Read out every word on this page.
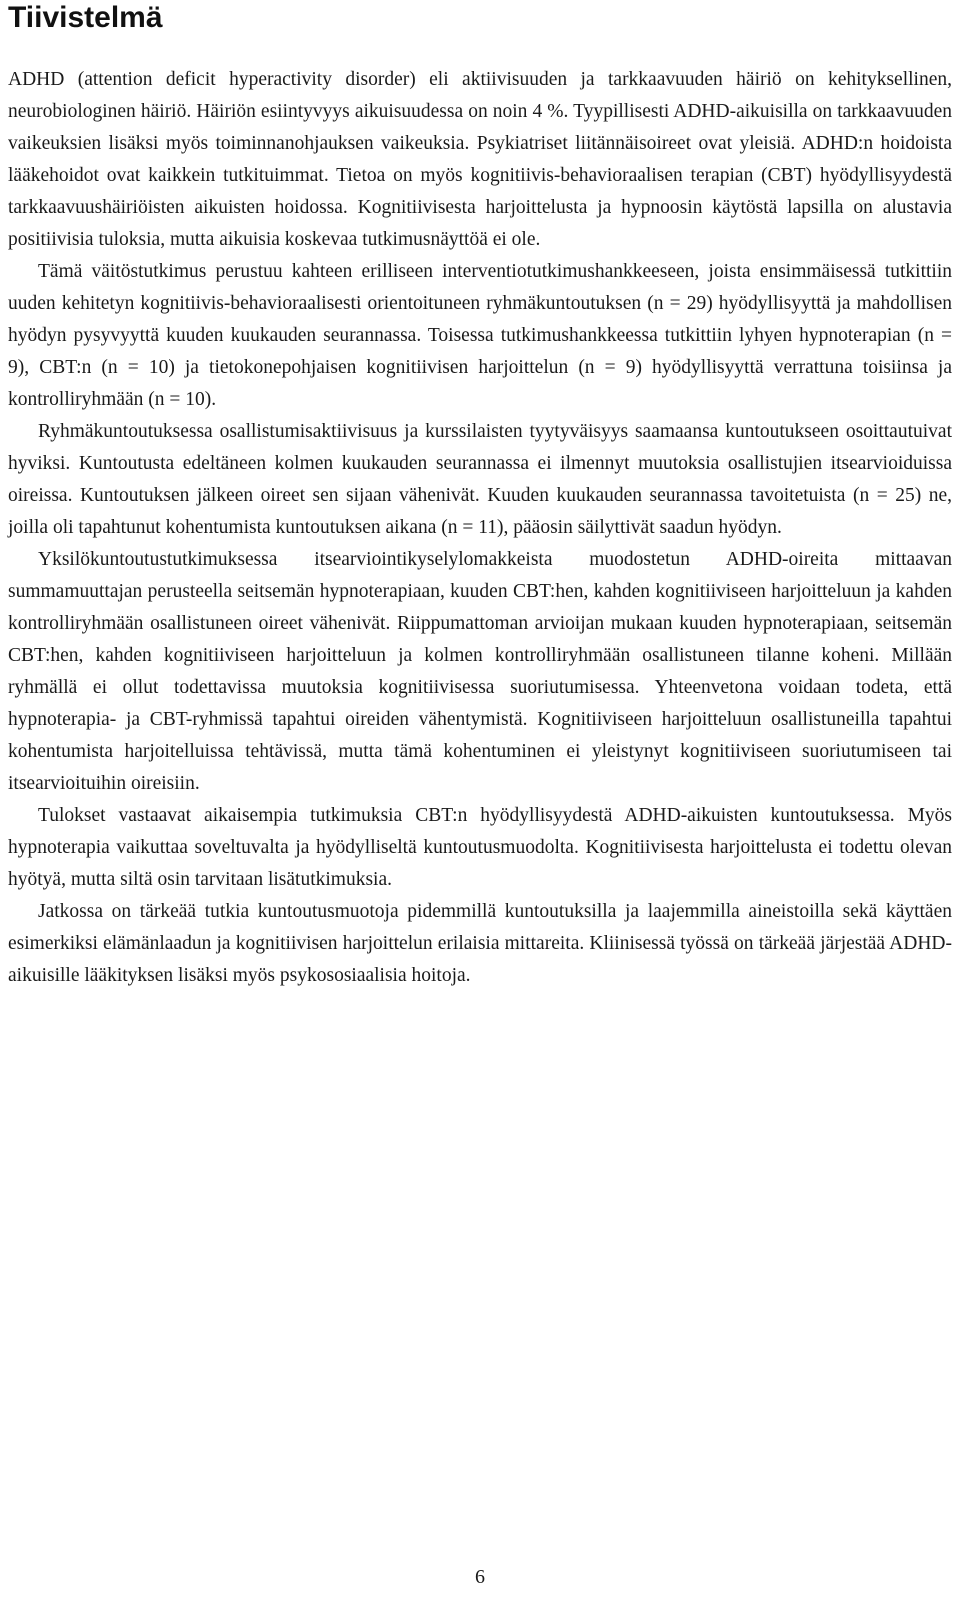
Tiivistelmä

ADHD (attention deficit hyperactivity disorder) eli aktiivisuuden ja tarkkaavuuden häiriö on kehityksellinen, neurobiologinen häiriö. Häiriön esiintyvyys aikuisuudessa on noin 4 %. Tyypillisesti ADHD-aikuisilla on tarkkaavuuden vaikeuksien lisäksi myös toiminnanohjauksen vaikeuksia. Psykiatriset liitännäisoireet ovat yleisiä. ADHD:n hoidoista lääkehoidot ovat kaikkein tutkituimmat. Tietoa on myös kognitiivis-behavioraalisen terapian (CBT) hyödyllisyydestä tarkkaavuushäiriöisten aikuisten hoidossa. Kognitiivisesta harjoittelusta ja hypnoosin käytöstä lapsilla on alustavia positiivisia tuloksia, mutta aikuisia koskevaa tutkimusnäyttöä ei ole.

Tämä väitöstutkimus perustuu kahteen erilliseen interventiotutkimushankkeeseen, joista ensimmäisessä tutkittiin uuden kehitetyn kognitiivis-behavioraalisesti orientoituneen ryhmäkuntoutuksen (n = 29) hyödyllisyyttä ja mahdollisen hyödyn pysyvyyttä kuuden kuukauden seurannassa. Toisessa tutkimushankkeessa tutkittiin lyhyen hypnoterapian (n = 9), CBT:n (n = 10) ja tietokonepohjaisen kognitiivisen harjoittelun (n = 9) hyödyllisyyttä verrattuna toisiinsa ja kontrolliryhmään (n = 10).

Ryhmäkuntoutuksessa osallistumisaktiivisuus ja kurssilaisten tyytyväisyys saamaansa kuntoutukseen osoittautuivat hyviksi. Kuntoutusta edeltäneen kolmen kuukauden seurannassa ei ilmennyt muutoksia osallistujien itsearvioiduissa oireissa. Kuntoutuksen jälkeen oireet sen sijaan vähenivät. Kuuden kuukauden seurannassa tavoitetuista (n = 25) ne, joilla oli tapahtunut kohentumista kuntoutuksen aikana (n = 11), pääosin säilyttivät saadun hyödyn.

Yksilökuntoutustutkimuksessa itsearviointikyselylomakkeista muodostetun ADHD-oireita mittaavan summamuuttajan perusteella seitsemän hypnoterapiaan, kuuden CBT:hen, kahden kognitiiviseen harjoitteluun ja kahden kontrolliryhmään osallistuneen oireet vähenivät. Riippumattoman arvioijan mukaan kuuden hypnoterapiaan, seitsemän CBT:hen, kahden kognitiiviseen harjoitteluun ja kolmen kontrolliryhmään osallistuneen tilanne koheni. Millään ryhmällä ei ollut todettavissa muutoksia kognitiivisessa suoriutumisessa. Yhteenvetona voidaan todeta, että hypnoterapia- ja CBT-ryhmissä tapahtui oireiden vähentymistä. Kognitiiviseen harjoitteluun osallistuneilla tapahtui kohentumista harjoitelluissa tehtävissä, mutta tämä kohentuminen ei yleistynyt kognitiiviseen suoriutumiseen tai itsearvioituihin oireisiin.

Tulokset vastaavat aikaisempia tutkimuksia CBT:n hyödyllisyydestä ADHD-aikuisten kuntoutuksessa. Myös hypnoterapia vaikuttaa soveltuvalta ja hyödylliseltä kuntoutusmuodolta. Kognitiivisesta harjoittelusta ei todettu olevan hyötyä, mutta siltä osin tarvitaan lisätutkimuksia.

Jatkossa on tärkeää tutkia kuntoutusmuotoja pidemmillä kuntoutuksilla ja laajemmilla aineistoilla sekä käyttäen esimerkiksi elämänlaadun ja kognitiivisen harjoittelun erilaisia mittareita. Kliinisessä työssä on tärkeää järjestää ADHD-aikuisille lääkityksen lisäksi myös psykososiaalisia hoitoja.

6
